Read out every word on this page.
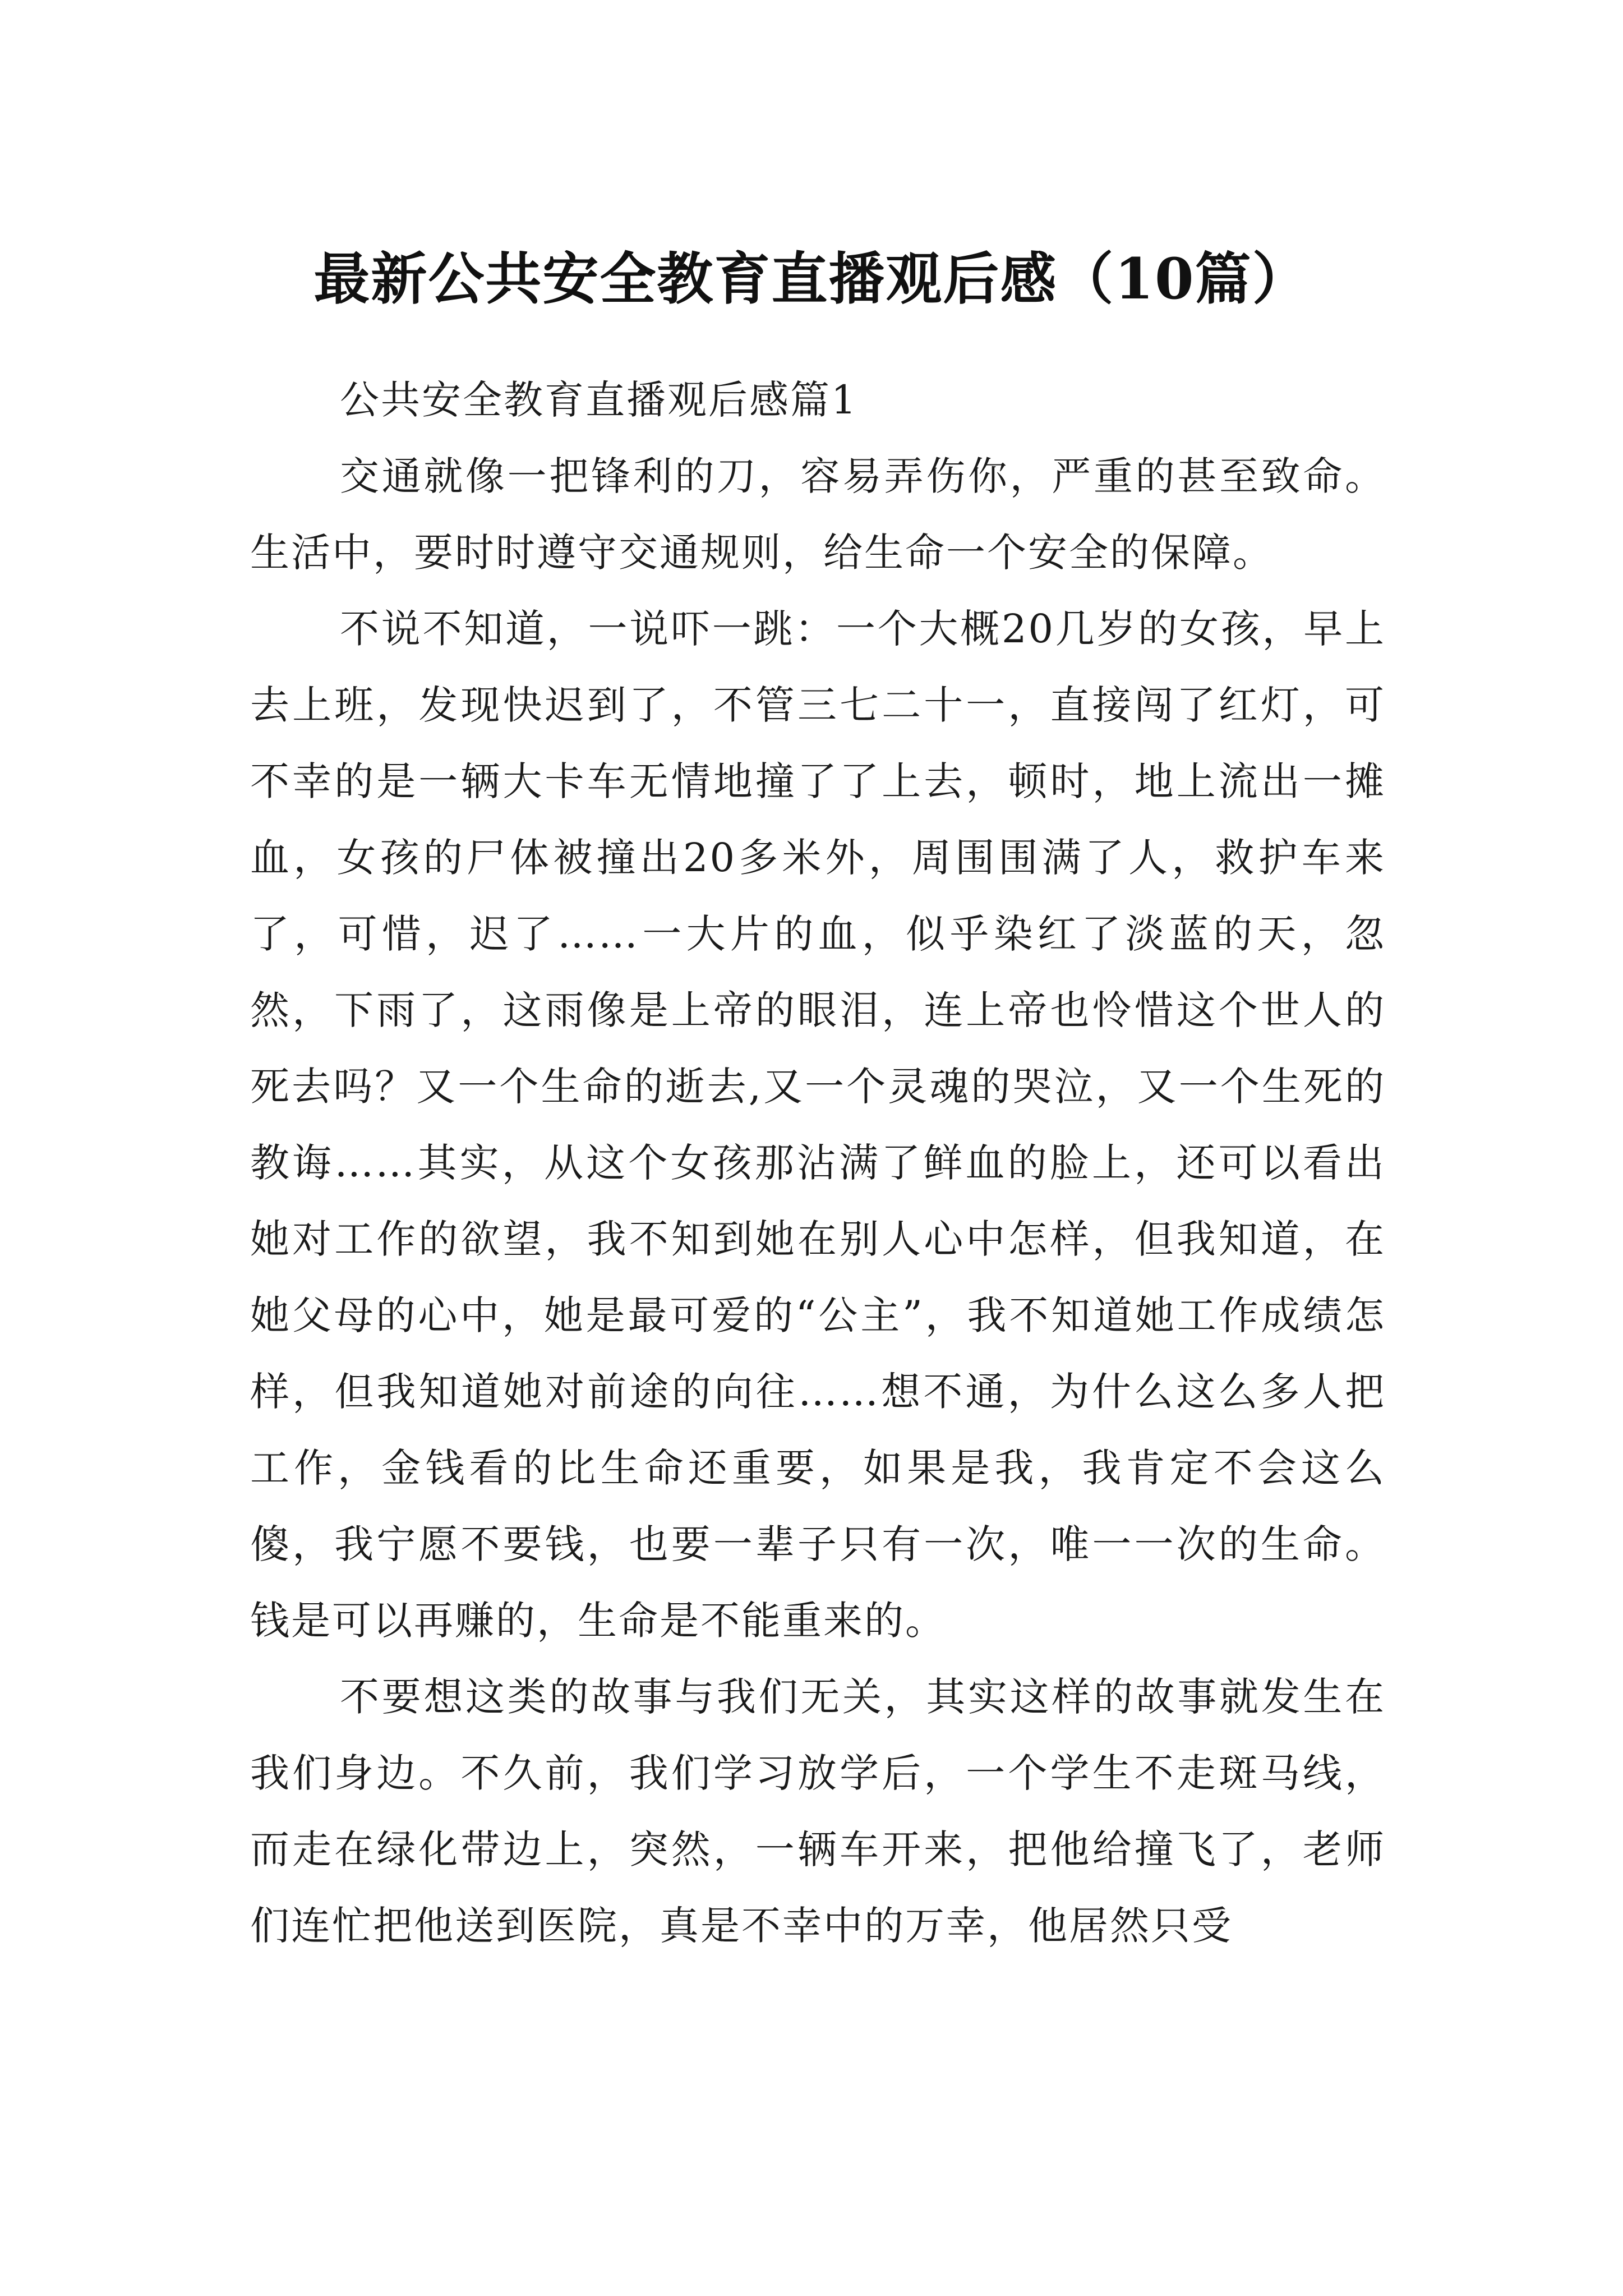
最新公共安全教育直播观后感（10篇）

公共安全教育直播观后感篇1

交通就像一把锋利的刀，容易弄伤你，严重的甚至致命。生活中，要时时遵守交通规则，给生命一个安全的保障。

不说不知道，一说吓一跳：一个大概20几岁的女孩，早上去上班，发现快迟到了，不管三七二十一，直接闯了红灯，可不幸的是一辆大卡车无情地撞了了上去，顿时，地上流出一摊血，女孩的尸体被撞出20多米外，周围围满了人，救护车来了，可惜，迟了……一大片的血，似乎染红了淡蓝的天，忽然，下雨了，这雨像是上帝的眼泪，连上帝也怜惜这个世人的死去吗？又一个生命的逝去,又一个灵魂的哭泣，又一个生死的教诲……其实，从这个女孩那沾满了鲜血的脸上，还可以看出她对工作的欲望，我不知到她在别人心中怎样，但我知道，在她父母的心中，她是最可爱的“公主”，我不知道她工作成绩怎样，但我知道她对前途的向往……想不通，为什么这么多人把工作，金钱看的比生命还重要，如果是我，我肯定不会这么傻，我宁愿不要钱，也要一辈子只有一次，唯一一次的生命。钱是可以再赚的，生命是不能重来的。

不要想这类的故事与我们无关，其实这样的故事就发生在我们身边。不久前，我们学习放学后，一个学生不走斑马线，而走在绿化带边上，突然，一辆车开来，把他给撞飞了，老师们连忙把他送到医院，真是不幸中的万幸，他居然只受
